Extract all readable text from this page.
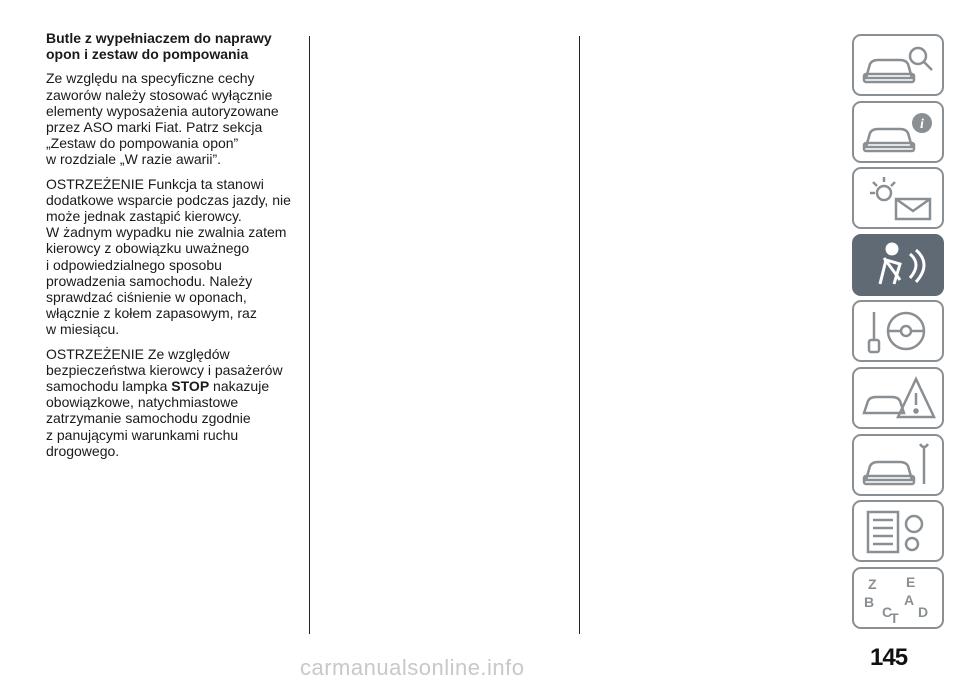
Butle z wypełniaczem do naprawy
opon i zestaw do pompowania
Ze względu na specyficzne cechy
zaworów należy stosować wyłącznie
elementy wyposażenia autoryzowane
przez ASO marki Fiat. Patrz sekcja
„Zestaw do pompowania opon”
w rozdziale „W razie awarii”.
OSTRZEŻENIE Funkcja ta stanowi
dodatkowe wsparcie podczas jazdy, nie
może jednak zastąpić kierowcy.
W żadnym wypadku nie zwalnia zatem
kierowcy z obowiązku uważnego
i odpowiedzialnego sposobu
prowadzenia samochodu. Należy
sprawdzać ciśnienie w oponach,
włącznie z kołem zapasowym, raz
w miesiącu.
OSTRZEŻENIE Ze względów
bezpieczeństwa kierowcy i pasażerów
samochodu lampka STOP nakazuje
obowiązkowe, natychmiastowe
zatrzymanie samochodu zgodnie
z panującymi warunkami ruchu
drogowego.
i
Z E
B A
C D
T
145
carmanualsonline.info
